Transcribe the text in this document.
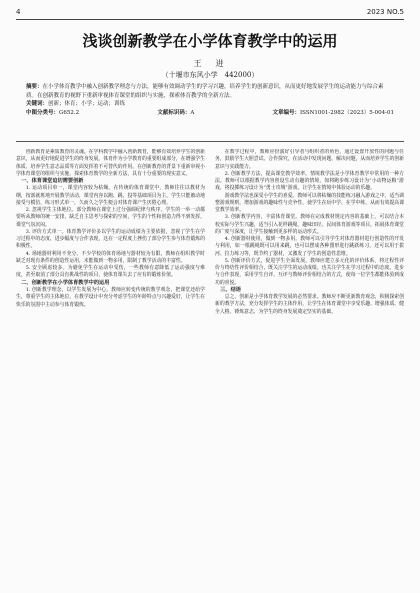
4	2023 NO.5
浅谈创新教学在小学体育教学中的运用
王　进
（十堰市东风小学　442000）

摘要：在小学体育教学中融入创新教学理念与方法，能够有效调动学生的学习兴趣，培养学生的创新意识，从而更好地发展学生的运动能力与综合素质。在创新教育的视野下重新审视体育课堂的组织与实施，探索体育教学的全新方法。

关键词：创新；体育；小学；运动；训练

中图分类号：G652.2	文献标识码：A	文章编号：ISSN1001-2982（2023）5-004-01

创新教育是素质教育的灵魂。在学科教学中融入创新教育，能够有效培养学生的创新意识，从而更好地促进学生的终身发展。体育作为小学教育的重要组成部分，在增强学生体质、培养学生意志品质等方面发挥着不可替代的作用。在创新教育的背景下重新审视小学体育课堂的组织与实施，探索体育教学的全新方法，具有十分重要的现实意义。

一、体育课堂迫切需要创新

1. 运动项目单一，课堂内容较为枯燥。在传统的体育课堂中，教师往往以教材为纲，按部就班地开展教学活动，课堂内容以跑、跳、投等基础项目为主，学生只能被动地接受与模仿，练习形式单一，久而久之学生便会对体育课产生厌倦心理。

2. 忽视学生主体地位。部分教师在课堂上过分强调纪律与秩序，学生的一举一动都要听从教师的统一安排，缺乏自主思考与探索的空间，学生的个性和创造力得不到发挥，课堂气氛沉闷。

3. 评价方式单一。体育教学评价多以学生的运动成绩为主要依据，忽视了学生在学习过程中的态度、进步幅度与合作表现，这在一定程度上挫伤了部分学生参与体育锻炼的积极性。

4. 场地器材利用不充分。不少学校的体育场地与器材较为有限，教师在组织教学时缺乏对现有条件的创造性运用，未能做到一物多用，限制了教学活动的丰富性。

5. 安全顾虑较多。为避免学生在运动中受伤，一些教师有意降低了运动强度与难度，甚至取消了部分具有挑战性的项目，使体育课失去了应有的锻炼价值。

二、创新教学在小学体育教学中的运用

1. 创新教学理念，以学生发展为中心。教师应转变传统的教学观念，把课堂还给学生，尊重学生的主体地位，在教学设计中充分考虑学生的年龄特点与兴趣爱好，让学生在快乐的氛围中主动参与体育锻炼。

在教学过程中，教师应扮演好引导者与组织者的角色，通过设置开放性的问题与任务，鼓励学生大胆尝试、合作探究，在活动中发现问题、解决问题，从而培养学生的创新意识与实践能力。

2. 创新教学方法，提高课堂教学效率。情境教学法是小学体育教学中常用的一种方法。教师可以根据教学内容创设生动有趣的情境，如将跑步练习设计为“小动物运粮”游戏，将投掷练习设计为“勇士攻城”游戏，让学生在情境中体验运动的乐趣。

游戏教学法也深受小学生的喜爱。教师可以将枯燥的技能练习融入游戏之中，适当调整游戏规则，增加游戏的趣味性与竞争性，使学生在玩中学、在学中练，从而有效提高课堂教学效率。

3. 创新教学内容，丰富体育课堂。教师在完成教材规定内容的基础上，可以结合本校实际与学生兴趣，适当引入花样跳绳、趣味田径、民间体育游戏等项目，拓展体育课堂的广度与深度，让学生接触到更多样的运动形式。

4. 创新器材使用，做到一物多用。教师可以引导学生对体育器材进行创造性的开发与利用，如一根跳绳既可以用来跳，也可以摆成各种图形进行跳跃练习，还可以用于拔河、拉力练习等，既节约了器材，又激发了学生的创造性思维。

5. 创新评价方式，促进学生全面发展。教师应建立多元化的评价体系，将过程性评价与终结性评价相结合，既关注学生的运动成绩，也关注学生在学习过程中的态度、进步与合作表现，采用学生自评、互评与教师评价相结合的方式，使每一位学生都能体验到成功的喜悦。

三、结语

总之，创新是小学体育教学发展的必然要求。教师应不断更新教育观念，积极探索创新的教学方法，充分发挥学生的主体作用，让学生在体育课堂中享受乐趣、增强体质、健全人格、锤炼意志，为学生的终身发展奠定坚实的基础。
